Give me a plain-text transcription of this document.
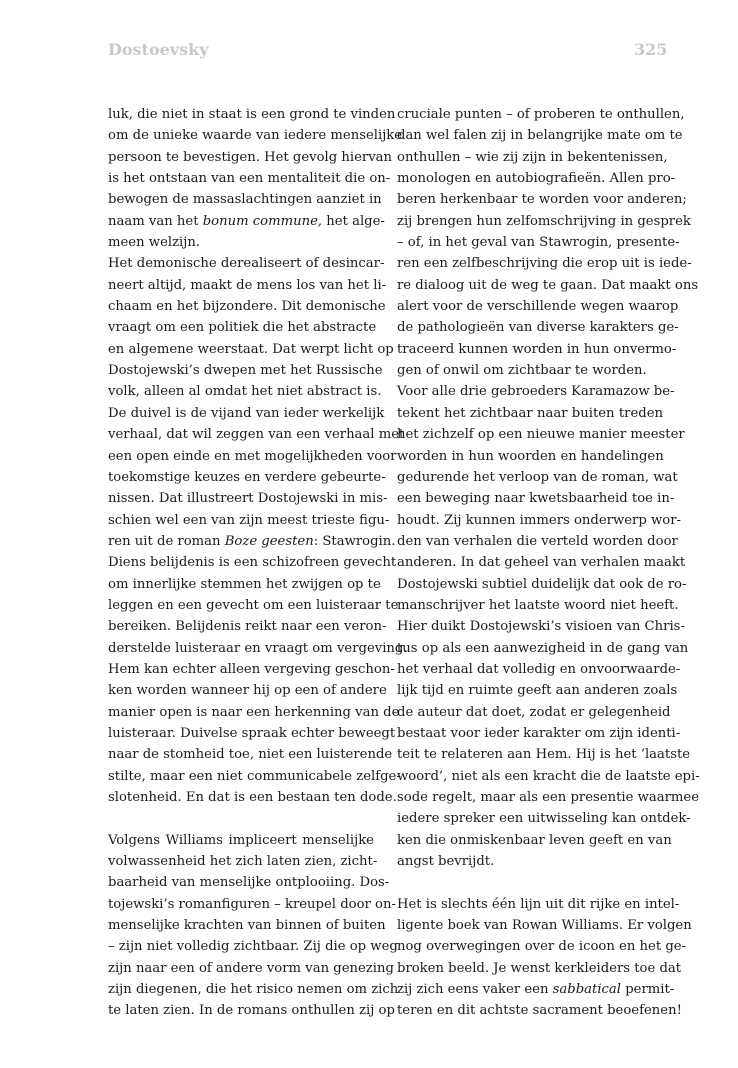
Dostoevsky	325
luk, die niet in staat is een grond te vinden
om de unieke waarde van iedere menselijke
persoon te bevestigen. Het gevolg hiervan
is het ontstaan van een mentaliteit die on-
bewogen de massaslachtingen aanziet in
naam van het bonum commune, het alge-
meen welzijn.
Het demonische derealiseert of desincar-
neert altijd, maakt de mens los van het li-
chaam en het bijzondere. Dit demonische
vraagt om een politiek die het abstracte
en algemene weerstaat. Dat werpt licht op
Dostojewski’s dwepen met het Russische
volk, alleen al omdat het niet abstract is.
De duivel is de vijand van ieder werkelijk
verhaal, dat wil zeggen van een verhaal met
een open einde en met mogelijkheden voor
toekomstige keuzes en verdere gebeurte-
nissen. Dat illustreert Dostojewski in mis-
schien wel een van zijn meest trieste figu-
ren uit de roman Boze geesten: Stawrogin.
Diens belijdenis is een schizofreen gevecht
om innerlijke stemmen het zwijgen op te
leggen en een gevecht om een luisteraar te
bereiken. Belijdenis reikt naar een veron-
derstelde luisteraar en vraagt om vergeving.
Hem kan echter alleen vergeving geschon-
ken worden wanneer hij op een of andere
manier open is naar een herkenning van de
luisteraar. Duivelse spraak echter beweegt
naar de stomheid toe, niet een luisterende
stilte, maar een niet communicabele zelfge-
slotenheid. En dat is een bestaan ten dode.
Volgens Williams impliceert menselijke
volwassenheid het zich laten zien, zicht-
baarheid van menselijke ontplooiing. Dos-
tojewski’s romanfiguren – kreupel door on-
menselijke krachten van binnen of buiten
– zijn niet volledig zichtbaar. Zij die op weg
zijn naar een of andere vorm van genezing
zijn diegenen, die het risico nemen om zich
te laten zien. In de romans onthullen zij op
cruciale punten – of proberen te onthullen,
dan wel falen zij in belangrijke mate om te
onthullen – wie zij zijn in bekentenissen,
monologen en autobiografieën. Allen pro-
beren herkenbaar te worden voor anderen;
zij brengen hun zelfomschrijving in gesprek
– of, in het geval van Stawrogin, presente-
ren een zelfbeschrijving die erop uit is iede-
re dialoog uit de weg te gaan. Dat maakt ons
alert voor de verschillende wegen waarop
de pathologieën van diverse karakters ge-
traceerd kunnen worden in hun onvermo-
gen of onwil om zichtbaar te worden.
Voor alle drie gebroeders Karamazow be-
tekent het zichtbaar naar buiten treden
het zichzelf op een nieuwe manier meester
worden in hun woorden en handelingen
gedurende het verloop van de roman, wat
een beweging naar kwetsbaarheid toe in-
houdt. Zij kunnen immers onderwerp wor-
den van verhalen die verteld worden door
anderen. In dat geheel van verhalen maakt
Dostojewski subtiel duidelijk dat ook de ro-
manschrijver het laatste woord niet heeft.
Hier duikt Dostojewski’s visioen van Chris-
tus op als een aanwezigheid in de gang van
het verhaal dat volledig en onvoorwaarde-
lijk tijd en ruimte geeft aan anderen zoals
de auteur dat doet, zodat er gelegenheid
bestaat voor ieder karakter om zijn identi-
teit te relateren aan Hem. Hij is het ‘laatste
woord’, niet als een kracht die de laatste epi-
sode regelt, maar als een presentie waarmee
iedere spreker een uitwisseling kan ontdek-
ken die onmiskenbaar leven geeft en van
angst bevrijdt.
Het is slechts één lijn uit dit rijke en intel-
ligente boek van Rowan Williams. Er volgen
nog overwegingen over de icoon en het ge-
broken beeld. Je wenst kerkleiders toe dat
zij zich eens vaker een sabbatical permit-
teren en dit achtste sacrament beoefenen!
